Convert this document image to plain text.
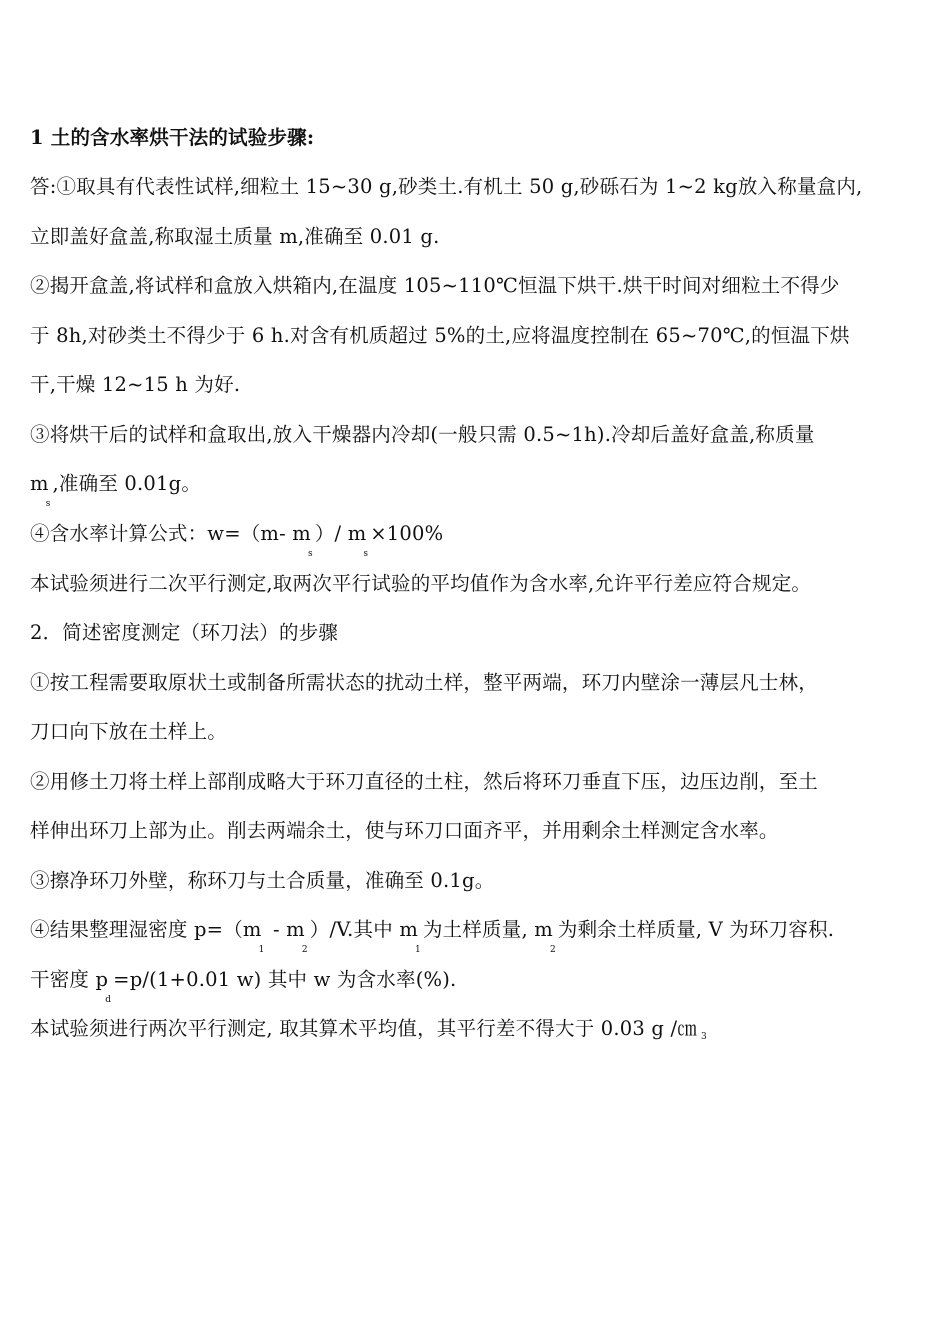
1 土的含水率烘干法的试验步骤:
答:①取具有代表性试样,细粒土 15~30 g,砂类土.有机土 50 g,砂砾石为 1~2 kg放入称量盒内,
立即盖好盒盖,称取湿土质量 m,准确至 0.01 g.
②揭开盒盖,将试样和盒放入烘箱内,在温度 105~110℃恒温下烘干.烘干时间对细粒土不得少
于 8h,对砂类土不得少于 6 h.对含有机质超过 5%的土,应将温度控制在 65~70℃,的恒温下烘
干,干燥 12~15 h 为好.
③将烘干后的试样和盒取出,放入干燥器内冷却(一般只需 0.5~1h).冷却后盖好盒盖,称质量
$m_s$,准确至 0.01g。
④含水率计算公式：w=（m- $m_s)/$ $m_s\times 100\%$
本试验须进行二次平行测定,取两次平行试验的平均值作为含水率,允许平行差应符合规定。
2．简述密度测定（环刀法）的步骤
①按工程需要取原状土或制备所需状态的扰动土样，整平两端，环刀内壁涂一薄层凡士林，
刀口向下放在土样上。
②用修土刀将土样上部削成略大于环刀直径的土柱，然后将环刀垂直下压，边压边削，至土
样伸出环刀上部为止。削去两端余土，使与环刀口面齐平，并用剩余土样测定含水率。
③擦净环刀外壁，称环刀与土合质量，准确至 0.1g。
④结果整理湿密度 $p=(m_1 - m_2)/V$.其中 $m_1$为土样质量, $m_2$为剩余土样质量, V 为环刀容积.
干密度 $p_d=p/(1+0.01$ w) 其中 w 为含水率(%).
本试验须进行两次平行测定, 取其算术平均值，其平行差不得大于 0.03 g /㎝ $_3$
